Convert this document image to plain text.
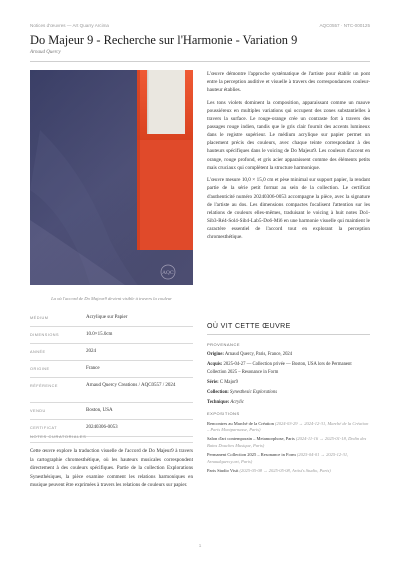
Notices d'œuvres — Art Quarry Arcima	AQC0557 · NTC-000125
Do Majeur 9 - Recherche sur l'Harmonie - Variation 9
Arnaud Quercy
AQC
La où l'accord de Do Majeur9 devient visible à travers la couleur
MÉDIUM	Acrylique sur Papier
DIMENSIONS	10.0×15.0cm
ANNÉE	2024
ORIGINE	France
RÉFÉRENCE	Arnaud Quercy Creations / AQC0557 / 2024
VENDU	Boston, USA
CERTIFICAT	20240306-0053
NOTES CURATORIALES
Cette œuvre explore la traduction visuelle de l'accord de Do Majeur9 à travers la cartographie chromesthétique, où les hauteurs musicales correspondent directement à des couleurs spécifiques. Partie de la collection Explorations Synesthésiques, la pièce examine comment les relations harmoniques en musique peuvent être exprimées à travers les relations de couleurs sur papier.

L'œuvre démontre l'approche systématique de l'artiste pour établir un pont entre la perception auditive et visuelle à travers des correspondances couleur-hauteur établies.

Les tons violets dominent la composition, apparaissant comme un mauve poussiéreux en multiples variations qui occupent des zones substantielles à travers la surface. Le rouge-orange crée un contraste fort à travers des passages rouge indien, tandis que le gris clair fournit des accents lumineux dans le registre supérieur. Le médium acrylique sur papier permet un placement précis des couleurs, avec chaque teinte correspondant à des hauteurs spécifiques dans le voicing de Do Majeur9. Les couleurs d'accent en orange, rouge profond, et gris acier apparaissent comme des éléments petits mais cruciaux qui complètent la structure harmonique.

L'œuvre mesure 10,0 × 15,0 cm et pèse minimal sur support papier, la rendant partie de la série petit format au sein de la collection. Le certificat d'authenticité numéro 20240306-0053 accompagne la pièce, avec la signature de l'artiste au dos. Les dimensions compactes focalisent l'attention sur les relations de couleurs elles-mêmes, traduisant le voicing à huit notes Do1-Sib3-Ré4-Sol4-Sib4-Lab5-Do6-Mi6 en une harmonie visuelle qui maintient le caractère essentiel de l'accord tout en explorant la perception chromesthétique.

OÙ VIT CETTE ŒUVRE
PROVENANCE
Origine: Arnaud Quercy, Paris, France, 2024
Acquis: 2025-04-27 — Collection privée — Boston, USA lors de Permanent Collection 2025 – Resonance in Form
Série: C Major9
Collection: Synesthesic Explorations
Technique: Acrylic
EXPOSITIONS
Rencontres au Marché de la Création (2024-03-29 → 2024-12-31, Marché de la Création – Paris Montparnasse, Paris)
Salon d'art contemporain – Metamorphose, Paris (2024-11-16 → 2025-01-18, Dedin des Bains Douches Musique, Paris)
Permanent Collection 2025 – Resonance in Form (2025-04-01 → 2025-12-31, Arnaudquercy.art, Paris)
Paris Studio Visit (2025-05-08 → 2025-05-08, Artist's Studio, Paris)
1
